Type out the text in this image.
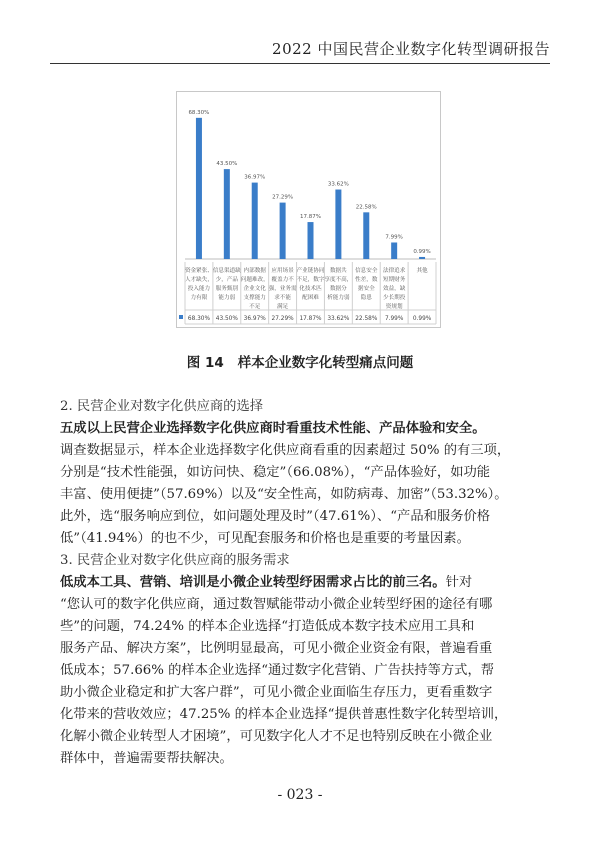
2022 中国民营企业数字化转型调研报告
68.30%
资金紧张、
人才缺失，
投入能力
力有限
68.30%
43.50%
信息渠道缺
少，产品
服务甄别
能力弱
43.50%
36.97%
内部数据
问题难改，
企业文化
支撑能力
不足
36.97%
27.29%
应用场景
覆盖力不
强，业务需
求不能
满足
27.29%
17.87%
产业链协同
不足，数字
化技术匹
配困难
17.87%
33.62%
数据共
享度不高，
数据分
析能力弱
33.62%
22.58%
信息安全
性差，数
据安全
隐患
22.58%
7.99%
法律追求
短期财务
效益，缺
少长期投
资规划
7.99%
0.99%
其他
0.99%
图 14 样本企业数字化转型痛点问题
2. 民营企业对数字化供应商的选择
五成以上民营企业选择数字化供应商时看重技术性能、产品体验和安全。
调查数据显示，样本企业选择数字化供应商看重的因素超过 50% 的有三项，
分别是“技术性能强，如访问快、稳定”（66.08%），“产品体验好，如功能
丰富、使用便捷”（57.69%）以及“安全性高，如防病毒、加密”（53.32%）。
此外，选“服务响应到位，如问题处理及时”（47.61%）、“产品和服务价格
低”（41.94%）的也不少，可见配套服务和价格也是重要的考量因素。
3. 民营企业对数字化供应商的服务需求
低成本工具、营销、培训是小微企业转型纾困需求占比的前三名。针对
“您认可的数字化供应商，通过数智赋能带动小微企业转型纾困的途径有哪
些”的问题，74.24% 的样本企业选择“打造低成本数字技术应用工具和
服务产品、解决方案”，比例明显最高，可见小微企业资金有限，普遍看重
低成本；57.66% 的样本企业选择“通过数字化营销、广告扶持等方式，帮
助小微企业稳定和扩大客户群”，可见小微企业面临生存压力，更看重数字
化带来的营收效应；47.25% 的样本企业选择“提供普惠性数字化转型培训，
化解小微企业转型人才困境”，可见数字化人才不足也特别反映在小微企业
群体中，普遍需要帮扶解决。
- 023 -
